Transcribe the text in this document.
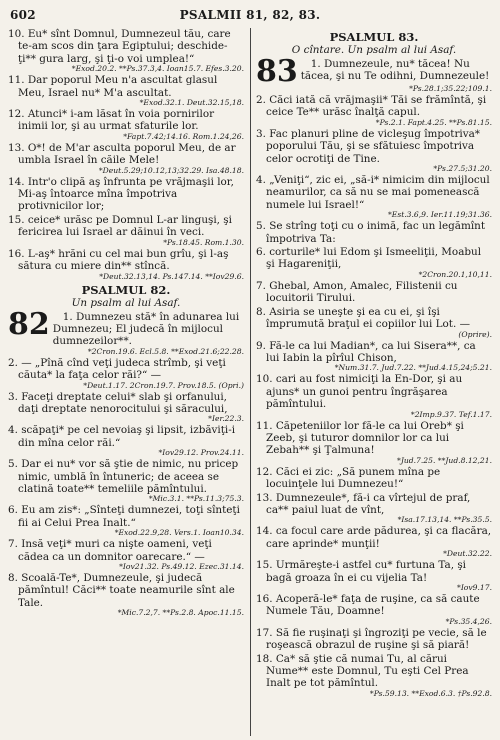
602	PSALMII 81, 82, 83.
10. Eu* sînt Domnul, Dumnezeul tău, care te-am scos din ţara Egiptului; deschide-ţi** gura larg, şi ţi-o voi umplea!“
*Exod.20.2. **Ps.37.3,4. Ioan15.7. Efes.3.20.
11. Dar poporul Meu n'a ascultat glasul Meu, Israel nu* M'a ascultat.
*Exod.32.1. Deut.32.15,18.
12. Atunci* i-am lăsat în voia pornirilor inimii lor, şi au urmat sfaturile lor.
*Fapt.7.42;14.16. Rom.1.24,26.
13. O*! de M'ar asculta poporul Meu, de ar umbla Israel în căile Mele!
*Deut.5.29;10.12,13;32.29. Isa.48.18.
14. Intr'o clipă aş înfrunta pe vrăjmaşii lor, Mi-aş întoarce mîna împotriva protivnicilor lor;
15. ceice* urăsc pe Domnul L-ar linguşi, şi fericirea lui Israel ar dăinui în veci.
*Ps.18.45. Rom.1.30.
16. L-aş* hrăni cu cel mai bun grîu, şi l-aş sătura cu miere din** stîncă.
*Deut.32.13,14. Ps.147.14. **Iov29.6.
PSALMUL 82.
Un psalm al lui Asaf.
82 1. Dumnezeu stă* în adunarea lui Dumnezeu; El judecă în mijlocul dumnezeilor**.
*2Cron.19.6. Ecl.5.8. **Exod.21.6;22.28.
2. — „Pînă cînd veţi judeca strîmb, şi veţi căuta* la faţa celor răi?“ —
*Deut.1.17. 2Cron.19.7. Prov.18.5. (Opri.)
3. Faceţi dreptate celui* slab şi orfanului, daţi dreptate nenorocitului şi săracului,
*Ier.22.3.
4. scăpaţi* pe cel nevoiaş şi lipsit, izbăviţi-i din mîna celor răi.“
*Iov29.12. Prov.24.11.
5. Dar ei nu* vor să ştie de nimic, nu pricep nimic, umblă în întuneric; de aceea se clatină toate** temeliile pămîntului.
*Mic.3.1. **Ps.11.3;75.3.
6. Eu am zis*: „Sînteţi dumnezei, toţi sînteţi fii ai Celui Prea Inalt.“
*Exod.22.9,28. Vers.1. Ioan10.34.
7. Insă veţi* muri ca nişte oameni, veţi cădea ca un domnitor oarecare.“ —
*Iov21.32. Ps.49.12. Ezec.31.14.
8. Scoală-Te*, Dumnezeule, şi judecă pămîntul! Căci** toate neamurile sînt ale Tale.
*Mic.7.2,7. **Ps.2.8. Apoc.11.15.
PSALMUL 83.
O cîntare. Un psalm al lui Asaf.
83 1. Dumnezeule, nu* tăcea! Nu tăcea, şi nu Te odihni, Dumnezeule!
*Ps.28.1;35.22;109.1.
2. Căci iată că vrăjmaşii* Tăi se frămîntă, şi ceice Te** urăsc înalţă capul.
*Ps.2.1. Fapt.4.25. **Ps.81.15.
3. Fac planuri pline de vicleşug împotriva* poporului Tău, şi se sfătuiesc împotriva celor ocrotiţi de Tine.
*Ps.27.5;31.20.
4. „Veniţi“, zic ei, „să-i* nimicim din mijlocul neamurilor, ca să nu se mai pomenească numele lui Israel!“
*Est.3.6,9. Ier.11.19;31.36.
5. Se strîng toţi cu o inimă, fac un legămînt împotriva Ta:
6. corturile* lui Edom şi Ismeeliţii, Moabul şi Hagareniţii,
*2Cron.20.1,10,11.
7. Ghebal, Amon, Amalec, Filistenii cu locuitorii Tirului.
8. Asiria se uneşte şi ea cu ei, şi îşi împrumută braţul ei copiilor lui Lot. —
(Oprire).
9. Fă-le ca lui Madian*, ca lui Sisera**, ca lui Iabin la pîrîul Chison,
*Num.31.7. Jud.7.22. **Jud.4.15,24;5.21.
10. cari au fost nimiciţi la En-Dor, şi au ajuns* un gunoi pentru îngrăşarea pămîntului.
*2Imp.9.37. Tef.1.17.
11. Căpeteniilor lor fă-le ca lui Oreb* şi Zeeb, şi tuturor domnilor lor ca lui Zebah** şi Ţalmuna!
*Jud.7.25. **Jud.8.12,21.
12. Căci ei zic: „Să punem mîna pe locuinţele lui Dumnezeu!“
13. Dumnezeule*, fă-i ca vîrtejul de praf, ca** paiul luat de vînt,
*Isa.17.13,14. **Ps.35.5.
14. ca focul care arde pădurea, şi ca flacăra, care aprinde* munţii!
*Deut.32.22.
15. Urmăreşte-i astfel cu* furtuna Ta, şi bagă groaza în ei cu vijelia Ta!
*Iov9.17.
16. Acoperă-le* faţa de ruşine, ca să caute Numele Tău, Doamne!
*Ps.35.4,26.
17. Să fie ruşinaţi şi îngroziţi pe vecie, să le roşească obrazul de ruşine şi să piară!
18. Ca* să ştie că numai Tu, al cărui Nume** este Domnul, Tu eşti Cel Prea Inalt pe tot pămîntul.
*Ps.59.13. **Exod.6.3. †Ps.92.8.
